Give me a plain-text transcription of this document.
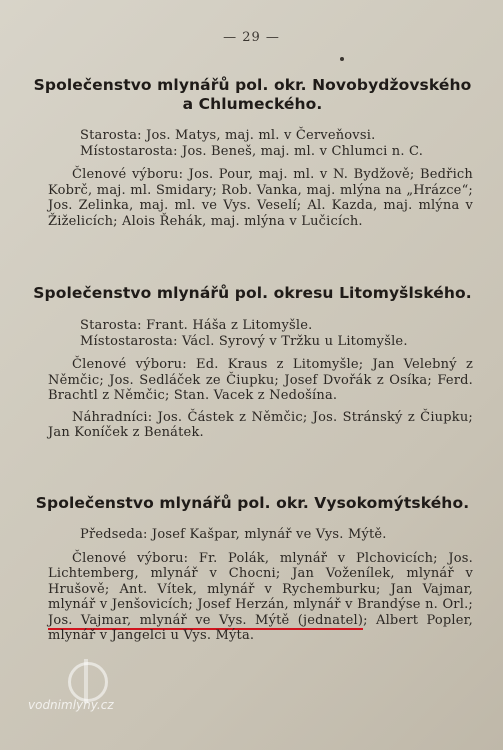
— 29 —
Společenstvo mlynářů pol. okr. Novobydžovského
a Chlumeckého.

Starosta: Jos. Matys, maj. ml. v Červeňovsi.

Místostarosta: Jos. Beneš, maj. ml. v Chlumci n. C.

Členové výboru: Jos. Pour, maj. ml. v N. Bydžově; Bedřich Kobrč, maj. ml. Smidary; Rob. Vanka, maj. mlýna na „Hrázce“; Jos. Zelinka, maj. ml. ve Vys. Veselí; Al. Kazda, maj. mlýna v Žiželicích; Alois Řehák, maj. mlýna v Lučicích.

Společenstvo mlynářů pol. okresu Litomyšlského.

Starosta: Frant. Háša z Litomyšle.

Místostarosta: Václ. Syrový v Tržku u Litomyšle.

Členové výboru: Ed. Kraus z Litomyšle; Jan Velebný z Němčic; Jos. Sedláček ze Čiupku; Josef Dvořák z Osíka; Ferd. Brachtl z Němčic; Stan. Vacek z Nedošína.

Náhradníci: Jos. Částek z Němčic; Jos. Stránský z Čiupku; Jan Koníček z Benátek.

Společenstvo mlynářů pol. okr. Vysokomýtského.

Předseda: Josef Kašpar, mlynář ve Vys. Mýtě.

Členové výboru: Fr. Polák, mlynář v Plchovicích; Jos. Lichtemberg, mlynář v Chocni; Jan Voženílek, mlynář v Hrušově; Ant. Vítek, mlynář v Rychemburku; Jan Vajmar, mlynář v Jenšovicích; Josef Herzán, mlynář v Brandýse n. Orl.; Jos. Vajmar, mlynář ve Vys. Mýtě (jednatel); Albert Popler, mlynář v Jangelci u Vys. Mýta.

vodnimlyny.cz
